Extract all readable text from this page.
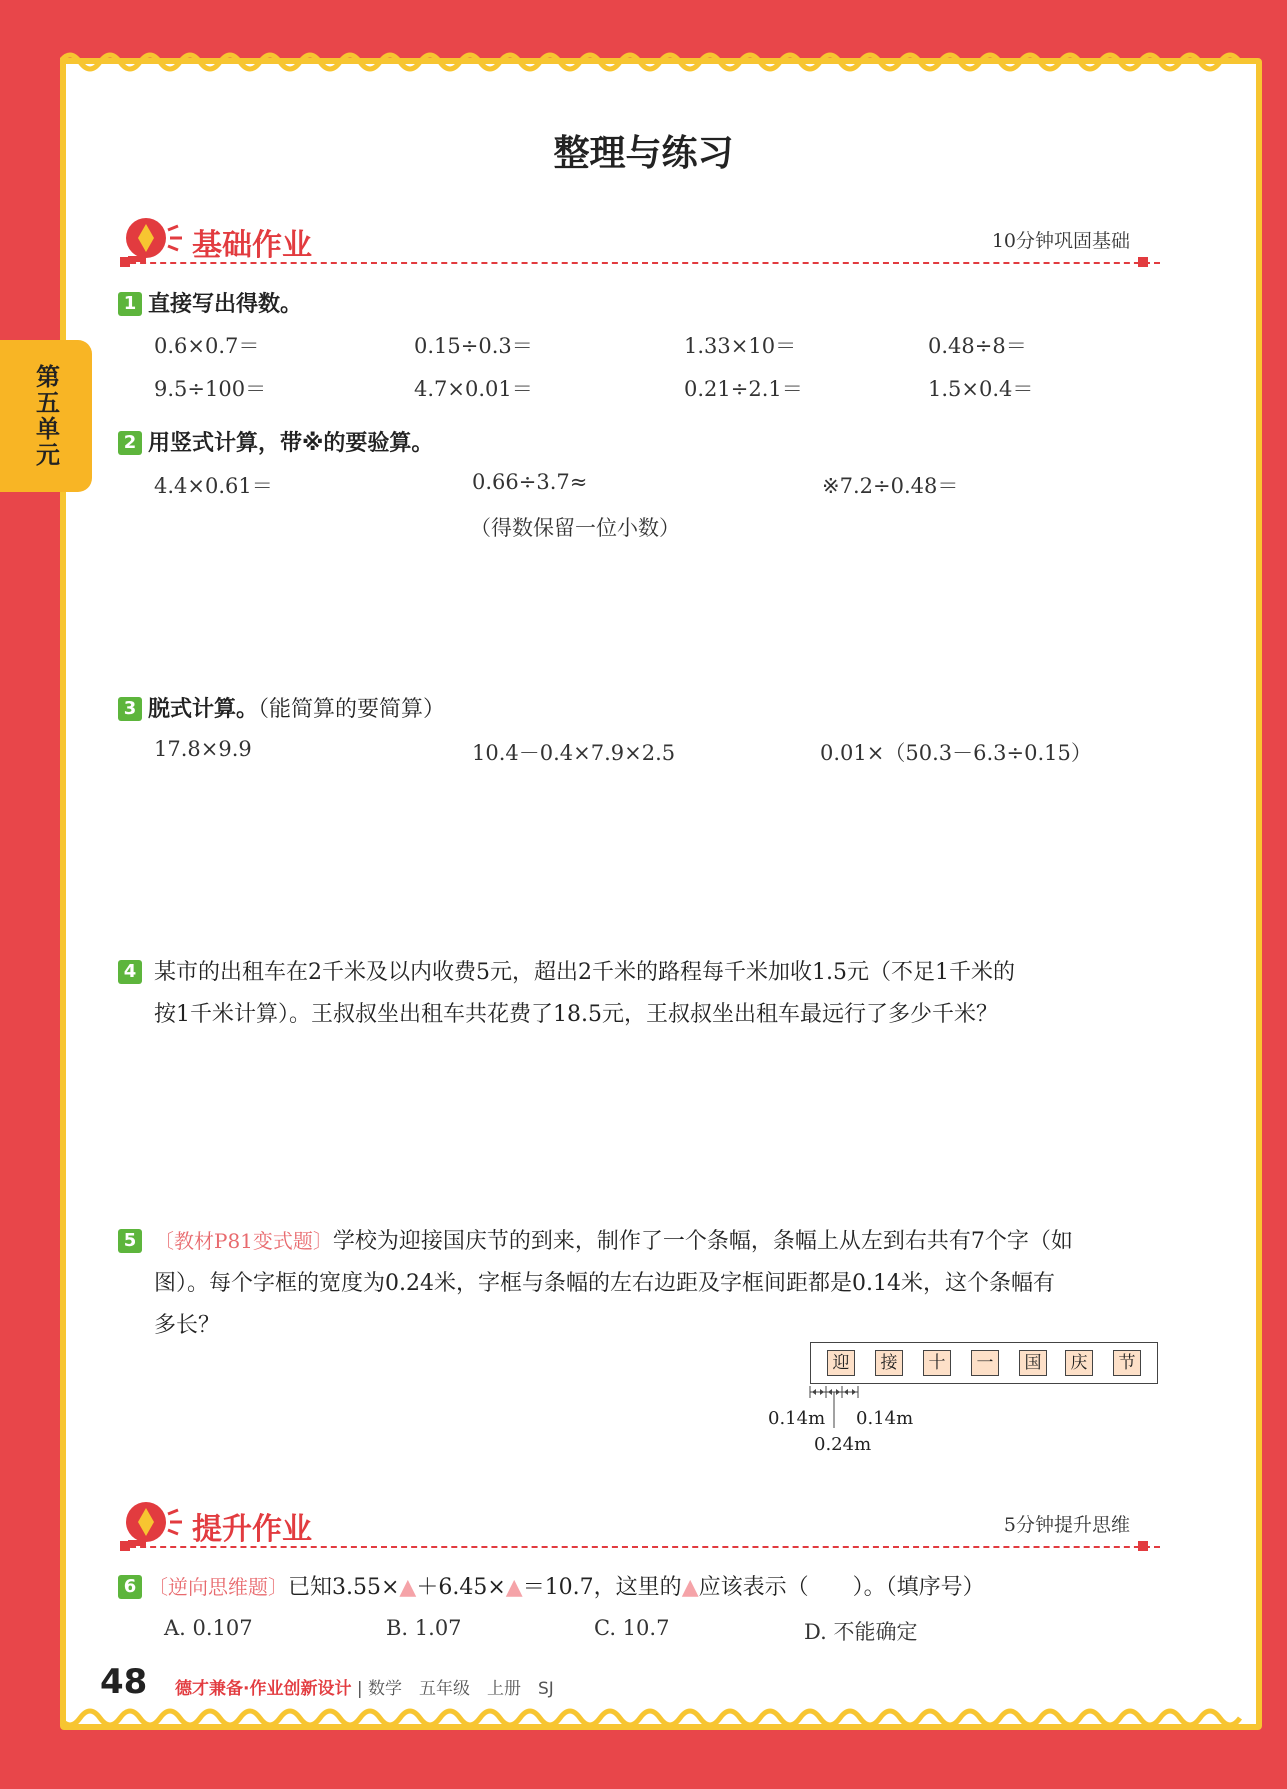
第五单元
整理与练习
基础作业	10分钟巩固基础
1 直接写出得数。
0.6×0.7＝	0.15÷0.3＝	1.33×10＝	0.48÷8＝
9.5÷100＝	4.7×0.01＝	0.21÷2.1＝	1.5×0.4＝
2 用竖式计算，带※的要验算。
4.4×0.61＝	0.66÷3.7≈	※7.2÷0.48＝
（得数保留一位小数）
3 脱式计算。（能简算的要简算）
17.8×9.9	10.4－0.4×7.9×2.5	0.01×（50.3－6.3÷0.15）
4 某市的出租车在2千米及以内收费5元，超出2千米的路程每千米加收1.5元（不足1千米的
按1千米计算）。王叔叔坐出租车共花费了18.5元，王叔叔坐出租车最远行了多少千米？
5 〔教材P81变式题〕学校为迎接国庆节的到来，制作了一个条幅，条幅上从左到右共有7个字（如
图）。每个字框的宽度为0.24米，字框与条幅的左右边距及字框间距都是0.14米，这个条幅有
多长？
迎	接	十	一	国	庆	节
0.14m 0.14m
0.24m
提升作业	5分钟提升思维
6 〔逆向思维题〕已知3.55×▲＋6.45×▲＝10.7，这里的▲应该表示（　　）。（填序号）
A. 0.107	B. 1.07	C. 10.7	D. 不能确定
48 德才兼备·作业创新设计 | 数学　五年级　上册　SJ
